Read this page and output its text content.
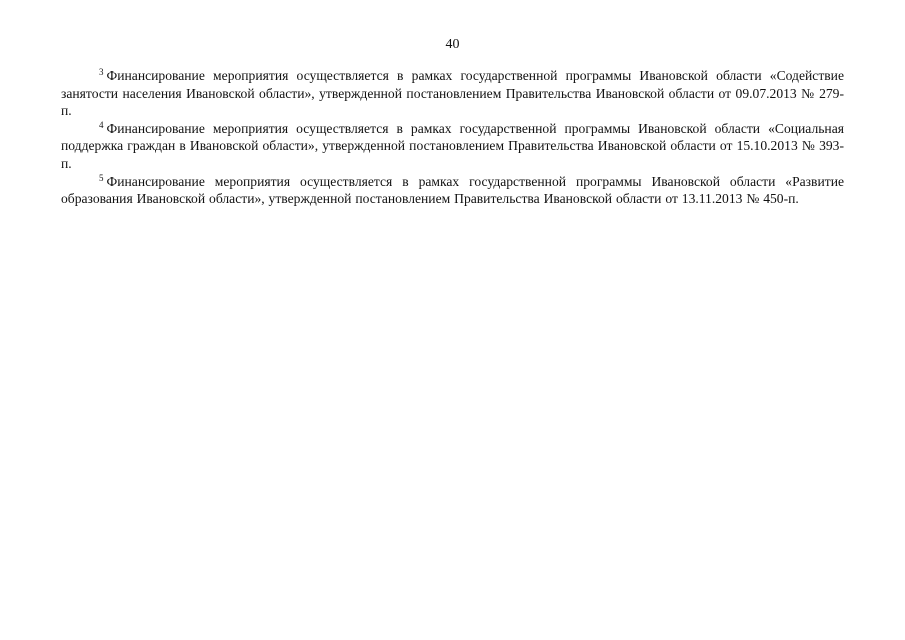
40

$^3$ Финансирование мероприятия осуществляется в рамках государственной программы Ивановской области «Содействие занятости населения Ивановской области», утвержденной постановлением Правительства Ивановской области от 09.07.2013 № 279-п.

$^4$ Финансирование мероприятия осуществляется в рамках государственной программы Ивановской области «Социальная поддержка граждан в Ивановской области», утвержденной постановлением Правительства Ивановской области от 15.10.2013 № 393-п.

$^5$ Финансирование мероприятия осуществляется в рамках государственной программы Ивановской области «Развитие образования Ивановской области», утвержденной постановлением Правительства Ивановской области от 13.11.2013 № 450-п.
